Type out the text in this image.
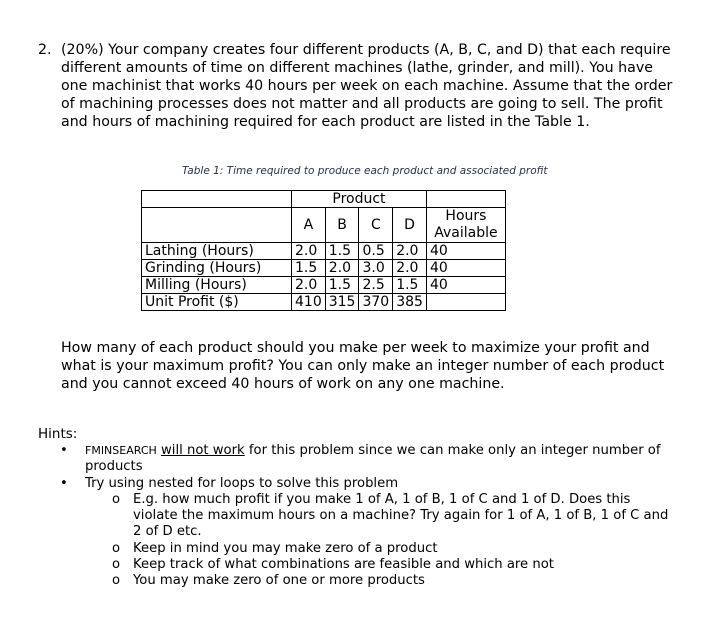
2. (20%) Your company creates four different products (A, B, C, and D) that each require different amounts of time on different machines (lathe, grinder, and mill). You have one machinist that works 40 hours per week on each machine. Assume that the order of machining processes does not matter and all products are going to sell. The profit and hours of machining required for each product are listed in the Table 1.
Table 1: Time required to produce each product and associated profit
	Product				
	A	B	C	D	Hours Available
Lathing (Hours)	2.0	1.5	0.5	2.0	40
Grinding (Hours)	1.5	2.0	3.0	2.0	40
Milling (Hours)	2.0	1.5	2.5	1.5	40
Unit Profit ($)	410	315	370	385	

How many of each product should you make per week to maximize your profit and what is your maximum profit? You can only make an integer number of each product and you cannot exceed 40 hours of work on any one machine.

Hints:
• FMINSEARCH will not work for this problem since we can make only an integer number of products
• Try using nested for loops to solve this problem
o E.g. how much profit if you make 1 of A, 1 of B, 1 of C and 1 of D. Does this violate the maximum hours on a machine? Try again for 1 of A, 1 of B, 1 of C and 2 of D etc.
o Keep in mind you may make zero of a product
o Keep track of what combinations are feasible and which are not
o You may make zero of one or more products
